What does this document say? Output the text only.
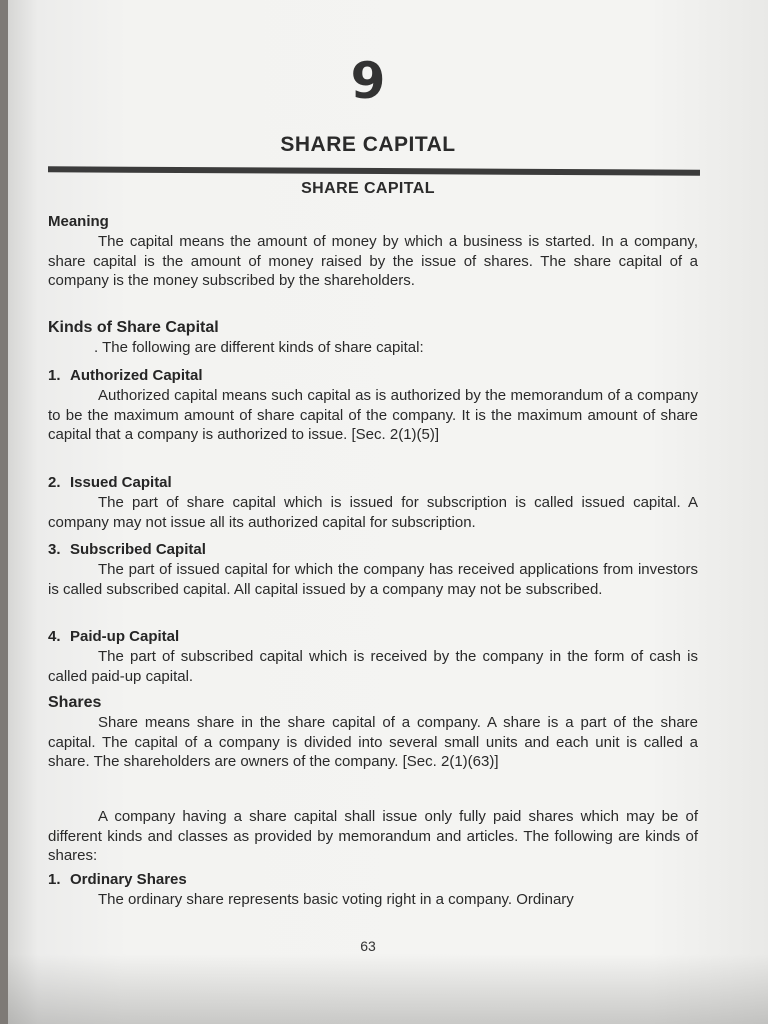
9
SHARE CAPITAL
SHARE CAPITAL
Meaning

The capital means the amount of money by which a business is started. In a company, share capital is the amount of money raised by the issue of shares. The share capital of a company is the money subscribed by the shareholders.

Kinds of Share Capital

. The following are different kinds of share capital:

1. Authorized Capital

Authorized capital means such capital as is authorized by the memorandum of a company to be the maximum amount of share capital of the company. It is the maximum amount of share capital that a company is authorized to issue. [Sec. 2(1)(5)]

2. Issued Capital

The part of share capital which is issued for subscription is called issued capital. A company may not issue all its authorized capital for subscription.

3. Subscribed Capital

The part of issued capital for which the company has received applications from investors is called subscribed capital. All capital issued by a company may not be subscribed.

4. Paid-up Capital

The part of subscribed capital which is received by the company in the form of cash is called paid-up capital.

Shares

Share means share in the share capital of a company. A share is a part of the share capital. The capital of a company is divided into several small units and each unit is called a share. The shareholders are owners of the company. [Sec. 2(1)(63)]

A company having a share capital shall issue only fully paid shares which may be of different kinds and classes as provided by memorandum and articles. The following are kinds of shares:

1. Ordinary Shares

The ordinary share represents basic voting right in a company. Ordinary

63
